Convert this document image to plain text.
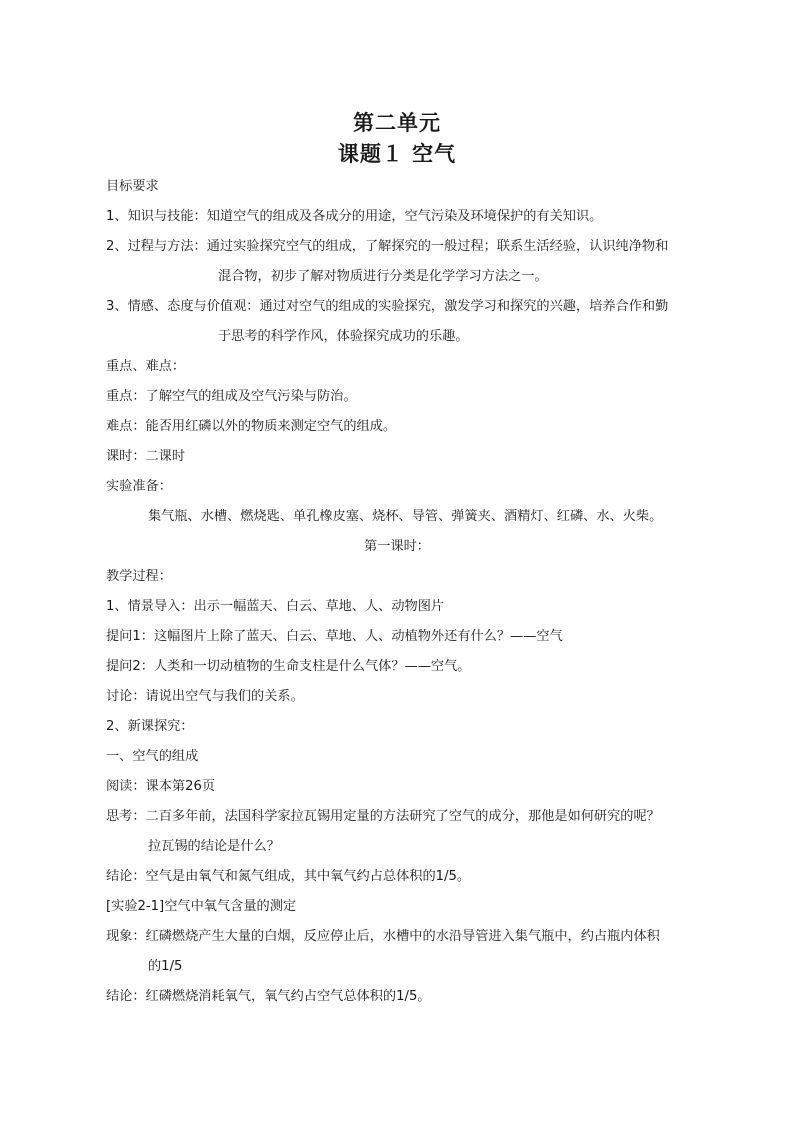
第二单元
课题１ 空气
目标要求
1、知识与技能：知道空气的组成及各成分的用途，空气污染及环境保护的有关知识。
2、过程与方法：通过实验探究空气的组成，了解探究的一般过程；联系生活经验，认识纯净物和
混合物，初步了解对物质进行分类是化学学习方法之一。
3、情感、态度与价值观：通过对空气的组成的实验探究，激发学习和探究的兴趣，培养合作和勤
于思考的科学作风，体验探究成功的乐趣。
重点、难点：
重点：了解空气的组成及空气污染与防治。
难点：能否用红磷以外的物质来测定空气的组成。
课时：二课时
实验准备：
集气瓶、水槽、燃烧匙、单孔橡皮塞、烧杯、导管、弹簧夹、酒精灯、红磷、水、火柴。
第一课时：
教学过程：
1、情景导入：出示一幅蓝天、白云、草地、人、动物图片
提问1：这幅图片上除了蓝天、白云、草地、人、动植物外还有什么？——空气
提问2：人类和一切动植物的生命支柱是什么气体？——空气。
讨论：请说出空气与我们的关系。
2、新课探究：
一、空气的组成
阅读：课本第26页
思考：二百多年前，法国科学家拉瓦锡用定量的方法研究了空气的成分，那他是如何研究的呢？
拉瓦锡的结论是什么？
结论：空气是由氧气和氮气组成，其中氧气约占总体积的1/5。
[实验2-1]空气中氧气含量的测定
现象：红磷燃烧产生大量的白烟，反应停止后，水槽中的水沿导管进入集气瓶中，约占瓶内体积
的1/5
结论：红磷燃烧消耗氧气，氧气约占空气总体积的1/5。
